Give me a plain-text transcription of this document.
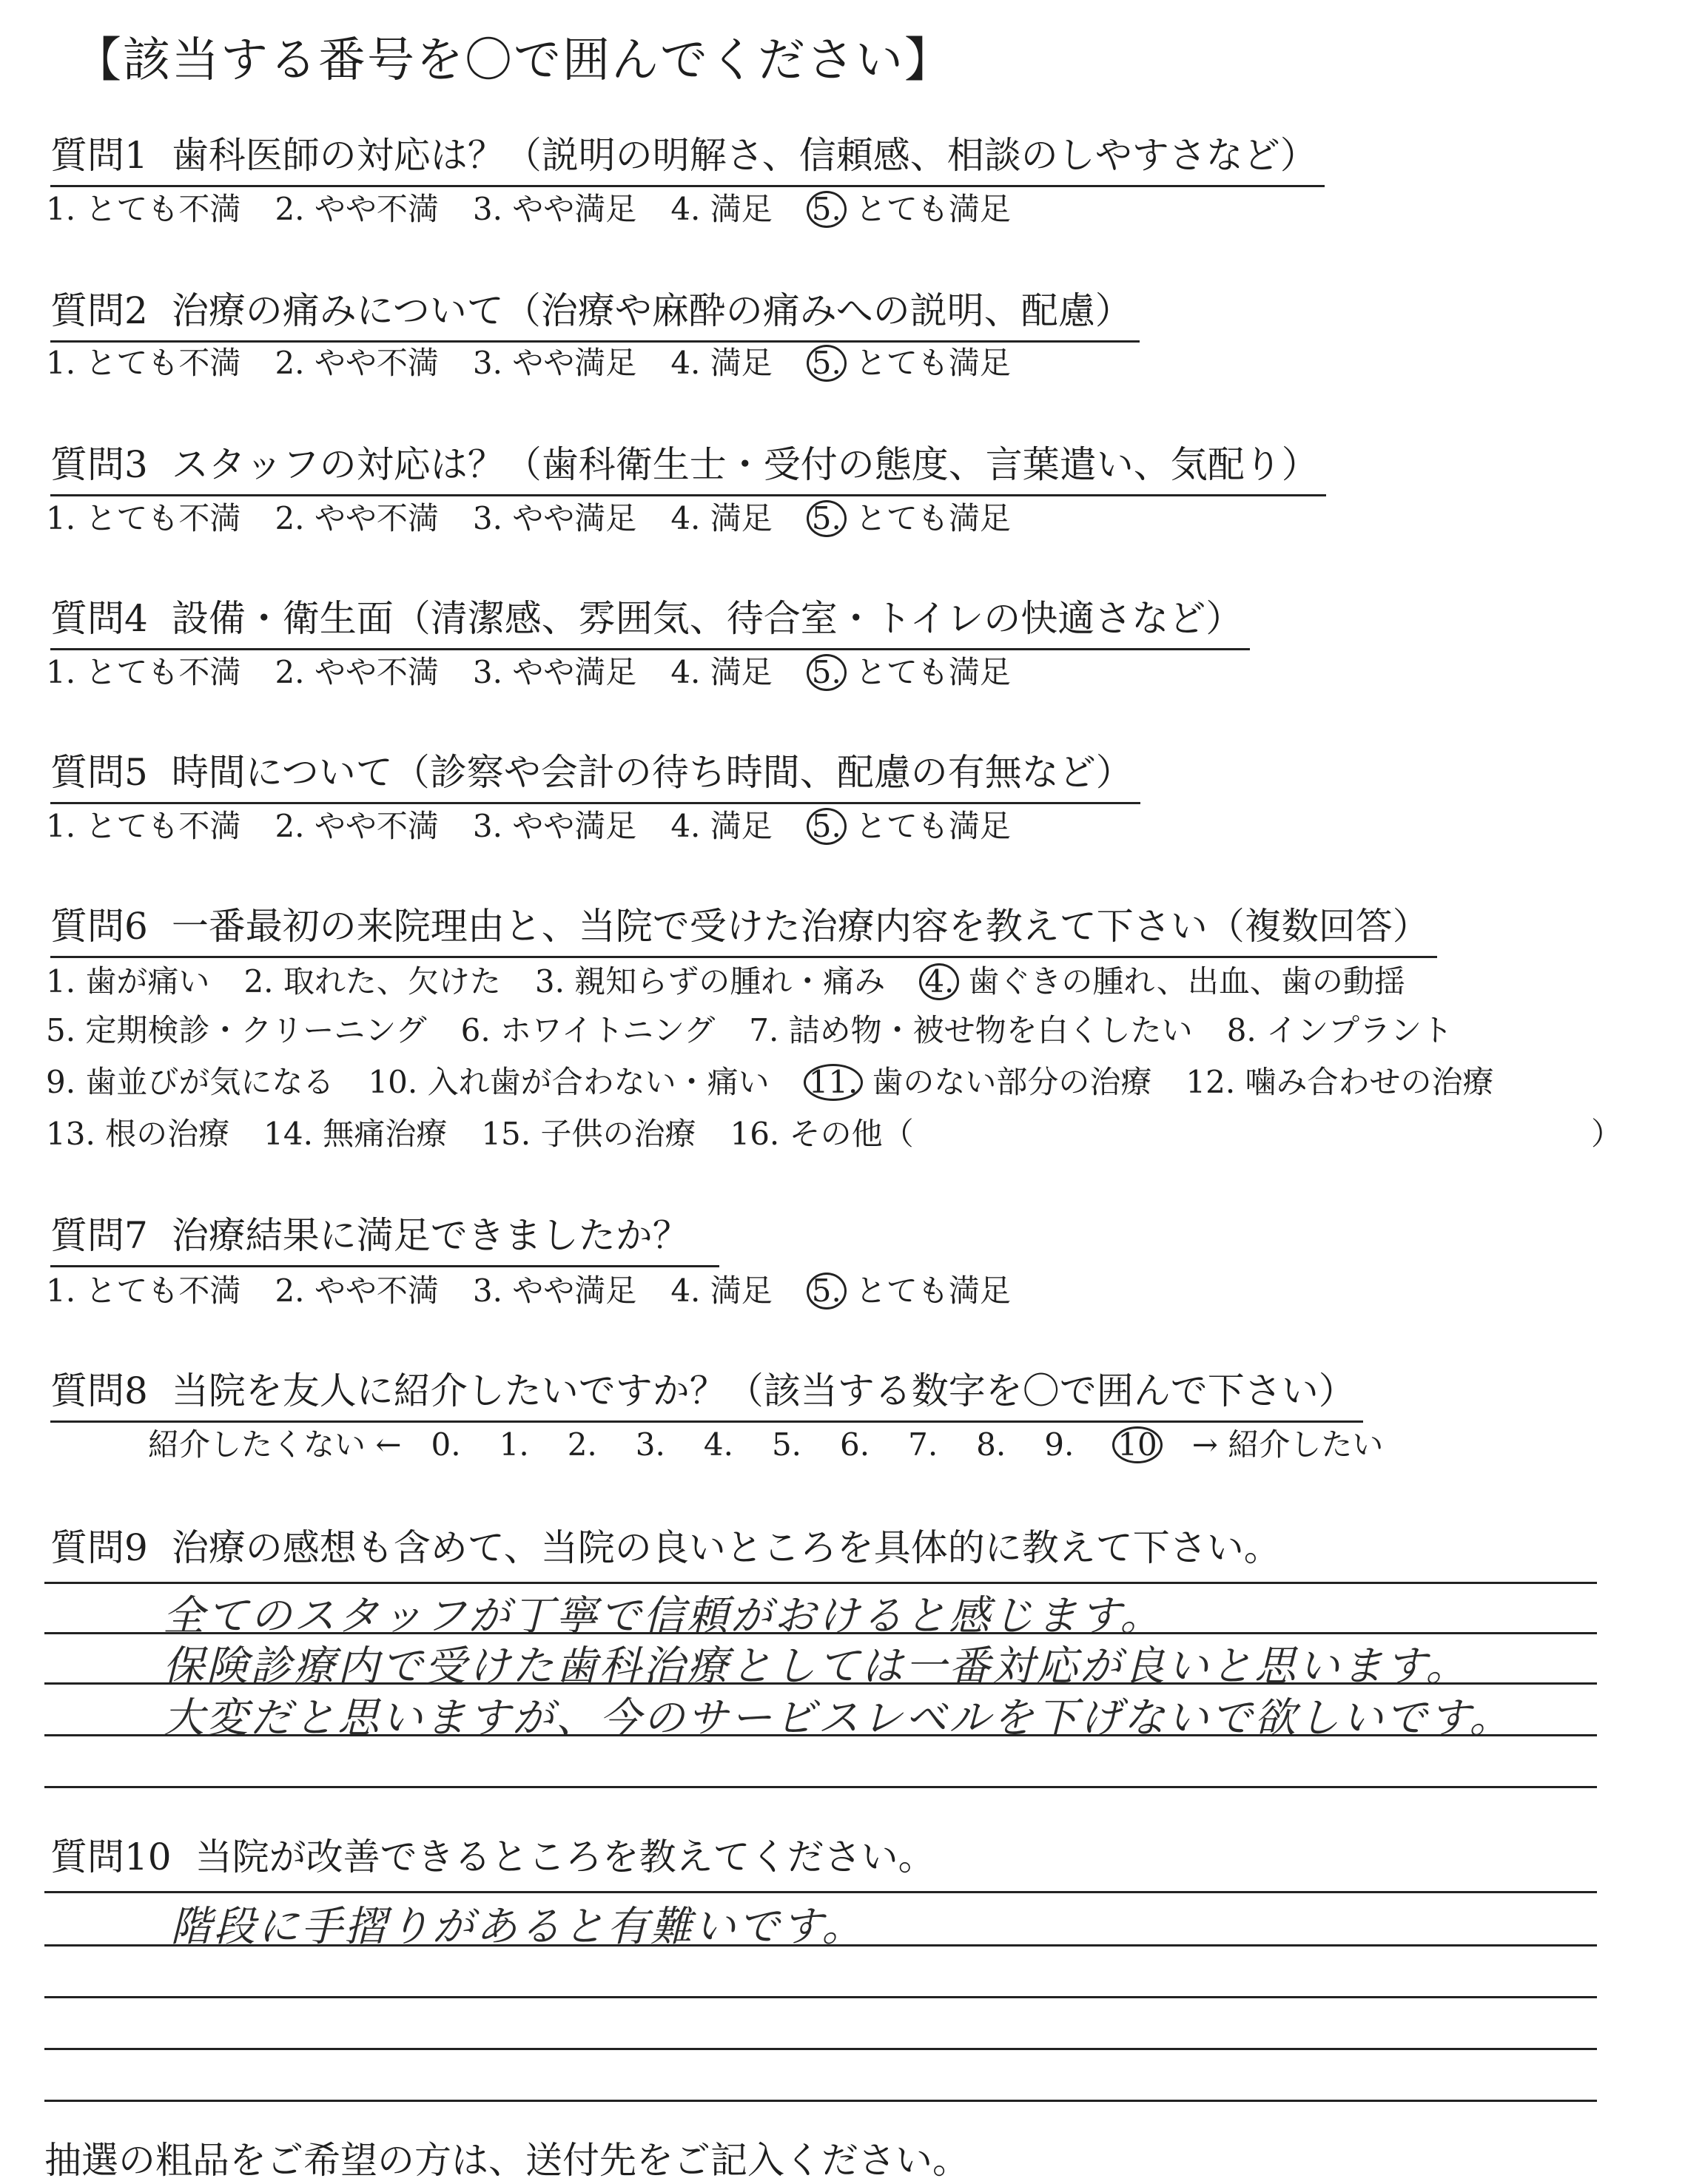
【該当する番号を〇で囲んでください】
質問1 歯科医師の対応は？（説明の明解さ、信頼感、相談のしやすさなど）
1. とても不満 2. やや不満 3. やや満足 4. 満足 5. とても満足
質問2 治療の痛みについて（治療や麻酔の痛みへの説明、配慮）
1. とても不満 2. やや不満 3. やや満足 4. 満足 5. とても満足
質問3 スタッフの対応は？（歯科衛生士・受付の態度、言葉遣い、気配り）
1. とても不満 2. やや不満 3. やや満足 4. 満足 5. とても満足
質問4 設備・衛生面（清潔感、雰囲気、待合室・トイレの快適さなど）
1. とても不満 2. やや不満 3. やや満足 4. 満足 5. とても満足
質問5 時間について（診察や会計の待ち時間、配慮の有無など）
1. とても不満 2. やや不満 3. やや満足 4. 満足 5. とても満足
質問6 一番最初の来院理由と、当院で受けた治療内容を教えて下さい（複数回答）
1. 歯が痛い 2. 取れた、欠けた 3. 親知らずの腫れ・痛み 4. 歯ぐきの腫れ、出血、歯の動揺
5. 定期検診・クリーニング 6. ホワイトニング 7. 詰め物・被せ物を白くしたい 8. インプラント
9. 歯並びが気になる 10. 入れ歯が合わない・痛い 11. 歯のない部分の治療 12. 噛み合わせの治療
13. 根の治療 14. 無痛治療 15. 子供の治療 16. その他（	）
質問7 治療結果に満足できましたか？
1. とても不満 2. やや不満 3. やや満足 4. 満足 5. とても満足
質問8 当院を友人に紹介したいですか？（該当する数字を〇で囲んで下さい）
紹介したくない ← 0. 1. 2. 3. 4. 5. 6. 7. 8. 9. 10 → 紹介したい
質問9 治療の感想も含めて、当院の良いところを具体的に教えて下さい。
全てのスタッフが丁寧で信頼がおけると感じます。
保険診療内で受けた歯科治療としては一番対応が良いと思います。
大変だと思いますが、今のサービスレベルを下げないで欲しいです。
質問10 当院が改善できるところを教えてください。
階段に手摺りがあると有難いです。
抽選の粗品をご希望の方は、送付先をご記入ください。
